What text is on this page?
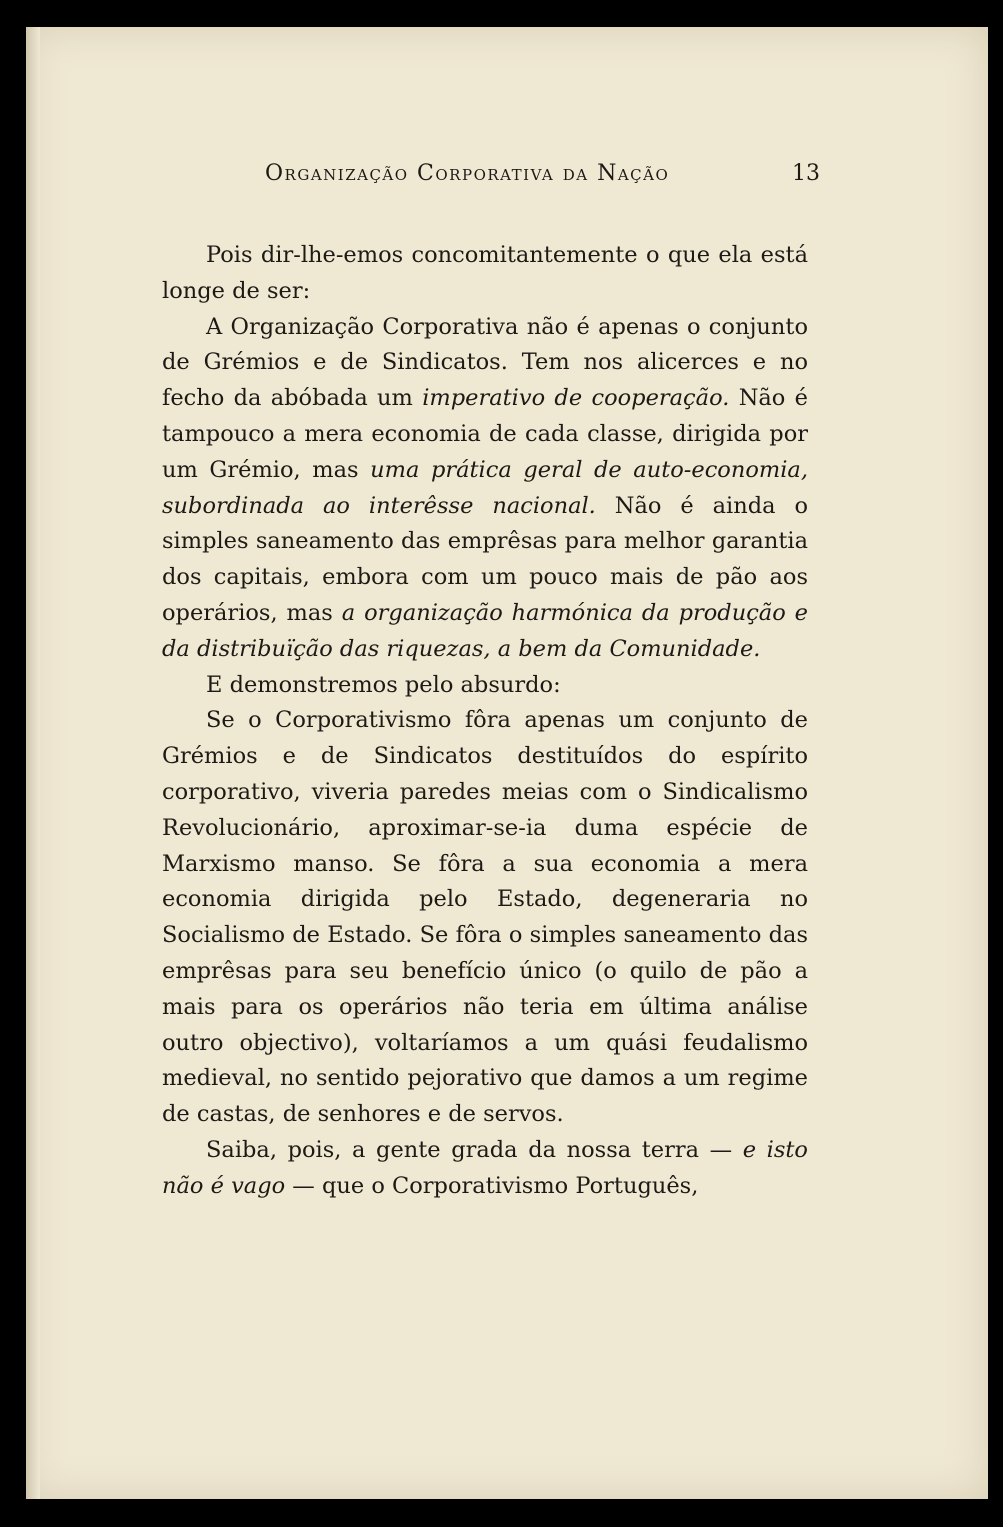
Organização Corporativa da Nação	13

Pois dir-lhe-emos concomitantemente o que ela está longe de ser:

A Organização Corporativa não é apenas o conjunto de Grémios e de Sindicatos. Tem nos alicerces e no fecho da abóbada um imperativo de cooperação. Não é tampouco a mera economia de cada classe, dirigida por um Grémio, mas uma prática geral de auto-economia, subordinada ao interêsse nacional. Não é ainda o simples saneamento das emprêsas para melhor garantia dos capitais, embora com um pouco mais de pão aos operários, mas a organização harmónica da produção e da distribuïção das riquezas, a bem da Comunidade.

E demonstremos pelo absurdo:

Se o Corporativismo fôra apenas um conjunto de Grémios e de Sindicatos destituídos do espírito corporativo, viveria paredes meias com o Sindicalismo Revolucionário, aproximar-se-ia duma espécie de Marxismo manso. Se fôra a sua economia a mera economia dirigida pelo Estado, degeneraria no Socialismo de Estado. Se fôra o simples saneamento das emprêsas para seu benefício único (o quilo de pão a mais para os operários não teria em última análise outro objectivo), voltaríamos a um quási feudalismo medieval, no sentido pejorativo que damos a um regime de castas, de senhores e de servos.

Saiba, pois, a gente grada da nossa terra — e isto não é vago — que o Corporativismo Português,
